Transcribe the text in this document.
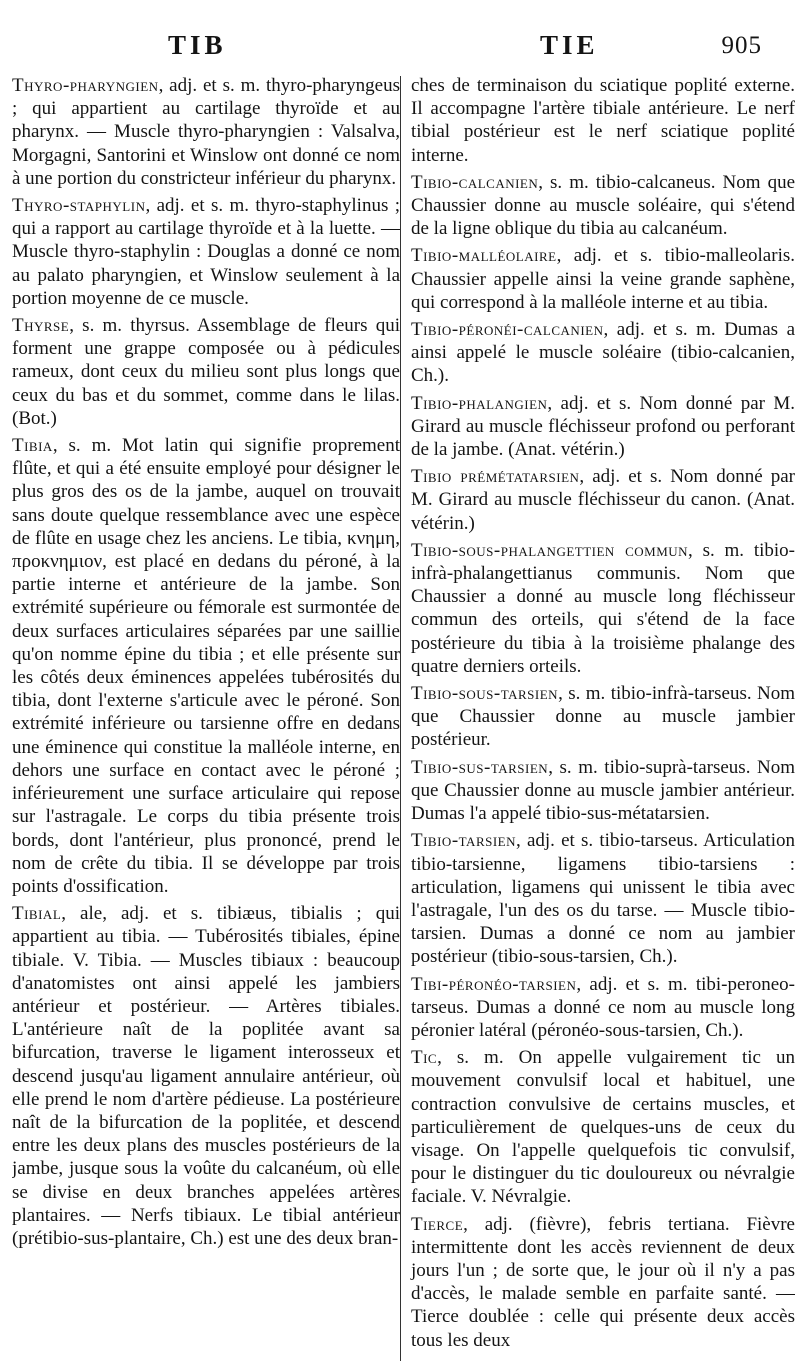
TIB	TIE	905

Thyro-pharyngien, adj. et s. m. thyro-pharyngeus ; qui appartient au cartilage thyroïde et au pharynx. — Muscle thyro-pharyngien : Valsalva, Morgagni, Santorini et Winslow ont donné ce nom à une portion du constricteur inférieur du pharynx.

Thyro-staphylin, adj. et s. m. thyro-staphylinus ; qui a rapport au cartilage thyroïde et à la luette. — Muscle thyro-staphylin : Douglas a donné ce nom au palato pharyngien, et Winslow seulement à la portion moyenne de ce muscle.

Thyrse, s. m. thyrsus. Assemblage de fleurs qui forment une grappe composée ou à pédicules rameux, dont ceux du milieu sont plus longs que ceux du bas et du sommet, comme dans le lilas. (Bot.)

Tibia, s. m. Mot latin qui signifie proprement flûte, et qui a été ensuite employé pour désigner le plus gros des os de la jambe, auquel on trouvait sans doute quelque ressemblance avec une espèce de flûte en usage chez les anciens. Le tibia, κνημη, προκνημιον, est placé en dedans du péroné, à la partie interne et antérieure de la jambe. Son extrémité supérieure ou fémorale est surmontée de deux surfaces articulaires séparées par une saillie qu'on nomme épine du tibia ; et elle présente sur les côtés deux éminences appelées tubérosités du tibia, dont l'externe s'articule avec le péroné. Son extrémité inférieure ou tarsienne offre en dedans une éminence qui constitue la malléole interne, en dehors une surface en contact avec le péroné ; inférieurement une surface articulaire qui repose sur l'astragale. Le corps du tibia présente trois bords, dont l'antérieur, plus prononcé, prend le nom de crête du tibia. Il se développe par trois points d'ossification.

Tibial, ale, adj. et s. tibiæus, tibialis ; qui appartient au tibia. — Tubérosités tibiales, épine tibiale. V. Tibia. — Muscles tibiaux : beaucoup d'anatomistes ont ainsi appelé les jambiers antérieur et postérieur. — Artères tibiales. L'antérieure naît de la poplitée avant sa bifurcation, traverse le ligament interosseux et descend jusqu'au ligament annulaire antérieur, où elle prend le nom d'artère pédieuse. La postérieure naît de la bifurcation de la poplitée, et descend entre les deux plans des muscles postérieurs de la jambe, jusque sous la voûte du calcanéum, où elle se divise en deux branches appelées artères plantaires. — Nerfs tibiaux. Le tibial antérieur (prétibio-sus-plantaire, Ch.) est une des deux bran-

ches de terminaison du sciatique poplité externe. Il accompagne l'artère tibiale antérieure. Le nerf tibial postérieur est le nerf sciatique poplité interne.

Tibio-calcanien, s. m. tibio-calcaneus. Nom que Chaussier donne au muscle soléaire, qui s'étend de la ligne oblique du tibia au calcanéum.

Tibio-malléolaire, adj. et s. tibio-malleolaris. Chaussier appelle ainsi la veine grande saphène, qui correspond à la malléole interne et au tibia.

Tibio-péronéi-calcanien, adj. et s. m. Dumas a ainsi appelé le muscle soléaire (tibio-calcanien, Ch.).

Tibio-phalangien, adj. et s. Nom donné par M. Girard au muscle fléchisseur profond ou perforant de la jambe. (Anat. vétérin.)

Tibio prémétatarsien, adj. et s. Nom donné par M. Girard au muscle fléchisseur du canon. (Anat. vétérin.)

Tibio-sous-phalangettien commun, s. m. tibio-infrà-phalangettianus communis. Nom que Chaussier a donné au muscle long fléchisseur commun des orteils, qui s'étend de la face postérieure du tibia à la troisième phalange des quatre derniers orteils.

Tibio-sous-tarsien, s. m. tibio-infrà-tarseus. Nom que Chaussier donne au muscle jambier postérieur.

Tibio-sus-tarsien, s. m. tibio-suprà-tarseus. Nom que Chaussier donne au muscle jambier antérieur. Dumas l'a appelé tibio-sus-métatarsien.

Tibio-tarsien, adj. et s. tibio-tarseus. Articulation tibio-tarsienne, ligamens tibio-tarsiens : articulation, ligamens qui unissent le tibia avec l'astragale, l'un des os du tarse. — Muscle tibio-tarsien. Dumas a donné ce nom au jambier postérieur (tibio-sous-tarsien, Ch.).

Tibi-péronéo-tarsien, adj. et s. m. tibi-peroneo-tarseus. Dumas a donné ce nom au muscle long péronier latéral (péronéo-sous-tarsien, Ch.).

Tic, s. m. On appelle vulgairement tic un mouvement convulsif local et habituel, une contraction convulsive de certains muscles, et particulièrement de quelques-uns de ceux du visage. On l'appelle quelquefois tic convulsif, pour le distinguer du tic douloureux ou névralgie faciale. V. Névralgie.

Tierce, adj. (fièvre), febris tertiana. Fièvre intermittente dont les accès reviennent de deux jours l'un ; de sorte que, le jour où il n'y a pas d'accès, le malade semble en parfaite santé. — Tierce doublée : celle qui présente deux accès tous les deux
